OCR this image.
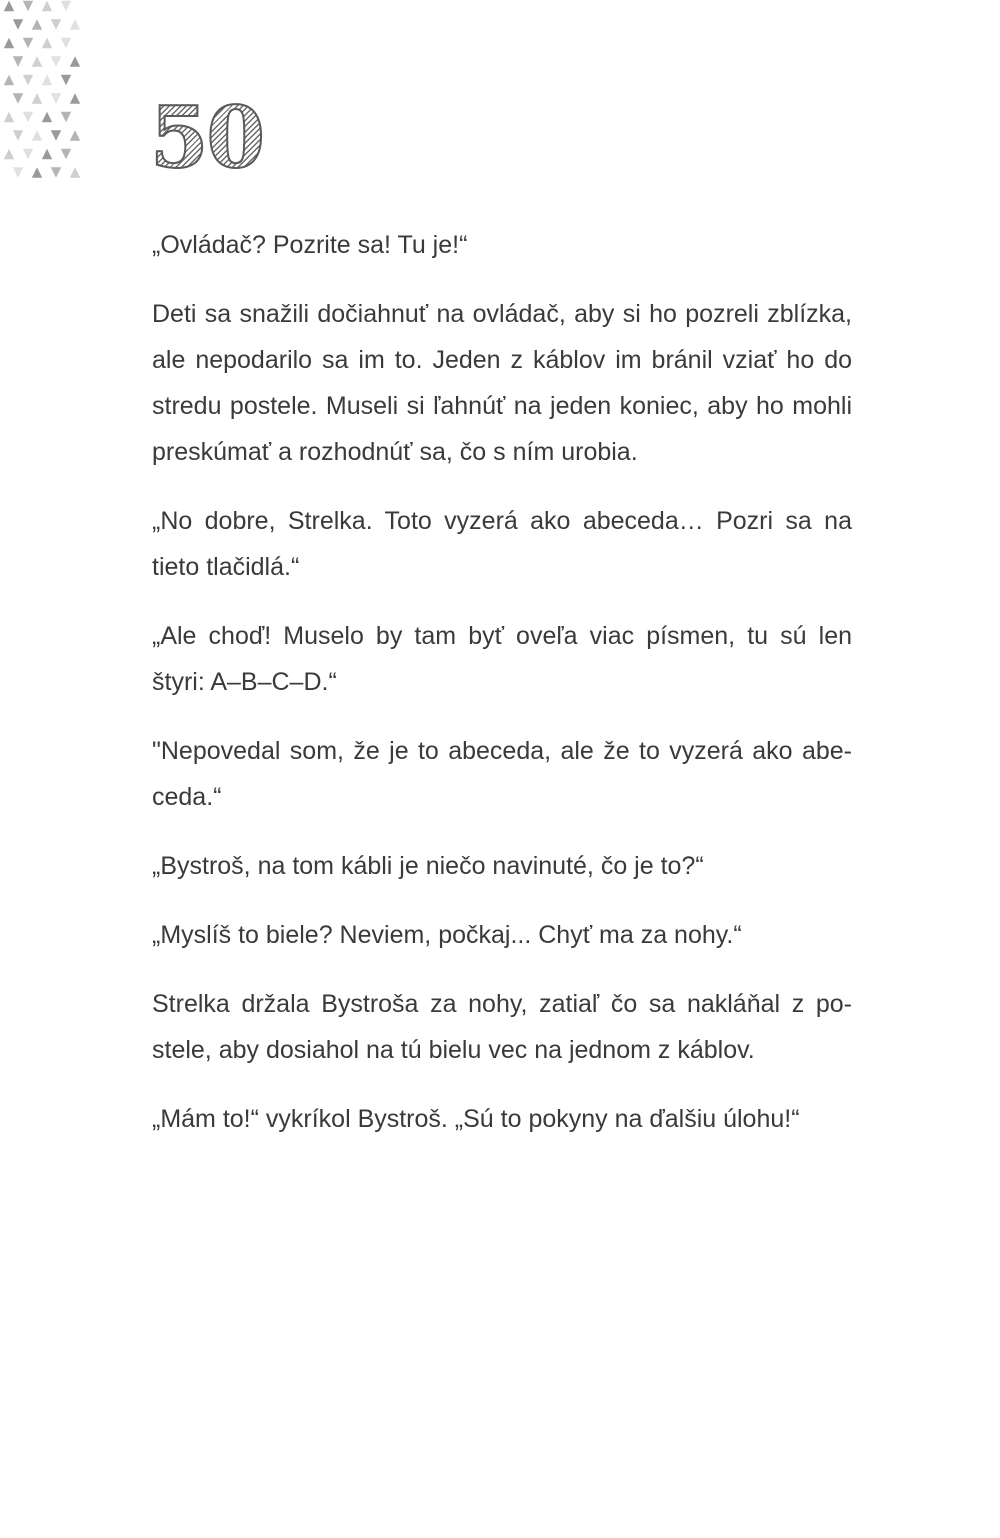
50

„Ovládač? Pozrite sa! Tu je!“

Deti sa snažili dočiahnuť na ovládač, aby si ho pozreli zblízka, ale nepodarilo sa im to. Jeden z káblov im bránil vziať ho do stredu postele. Museli si ľahnúť na jeden koniec, aby ho mohli preskúmať a rozhodnúť sa, čo s ním urobia.

„No dobre, Strelka. Toto vyzerá ako abeceda… Pozri sa na tieto tlačidlá.“

„Ale choď! Muselo by tam byť oveľa viac písmen, tu sú len štyri: A–B–C–D.“

"Nepovedal som, že je to abeceda, ale že to vyzerá ako abeceda.“

„Bystroš, na tom kábli je niečo navinuté, čo je to?“

„Myslíš to biele? Neviem, počkaj... Chyť ma za nohy.“

Strelka držala Bystroša za nohy, zatiaľ čo sa nakláňal z postele, aby dosiahol na tú bielu vec na jednom z káblov.

„Mám to!“ vykríkol Bystroš. „Sú to pokyny na ďalšiu úlohu!“
